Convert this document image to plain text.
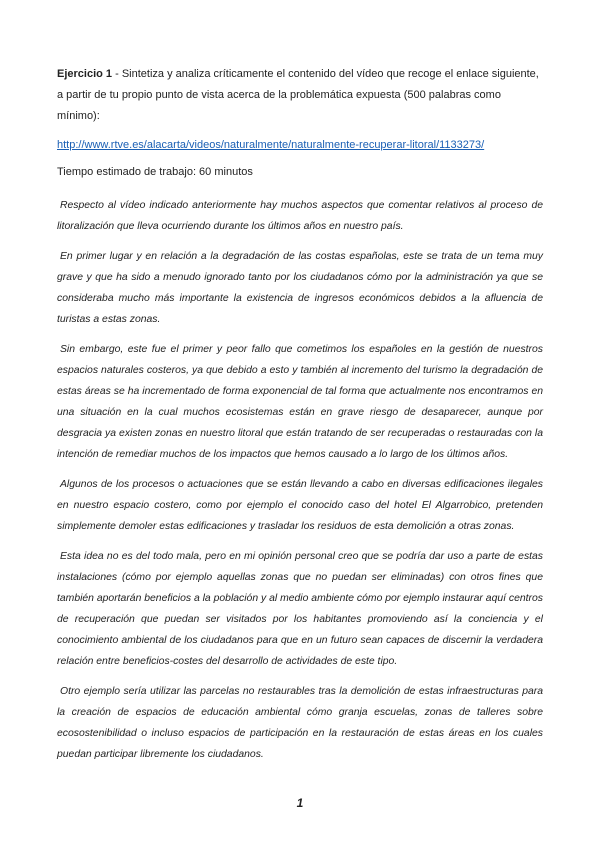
Ejercicio 1 - Sintetiza y analiza críticamente el contenido del vídeo que recoge el enlace siguiente, a partir de tu propio punto de vista acerca de la problemática expuesta (500 palabras como mínimo):

http://www.rtve.es/alacarta/videos/naturalmente/naturalmente-recuperar-litoral/1133273/
Tiempo estimado de trabajo: 60 minutos

Respecto al vídeo indicado anteriormente hay muchos aspectos que comentar relativos al proceso de litoralización que lleva ocurriendo durante los últimos años en nuestro país.

En primer lugar y en relación a la degradación de las costas españolas, este se trata de un tema muy grave y que ha sido a menudo ignorado tanto por los ciudadanos cómo por la administración ya que se consideraba mucho más importante la existencia de ingresos económicos debidos a la afluencia de turistas a estas zonas.

Sin embargo, este fue el primer y peor fallo que cometimos los españoles en la gestión de nuestros espacios naturales costeros, ya que debido a esto y también al incremento del turismo la degradación de estas áreas se ha incrementado de forma exponencial de tal forma que actualmente nos encontramos en una situación en la cual muchos ecosistemas están en grave riesgo de desaparecer, aunque por desgracia ya existen zonas en nuestro litoral que están tratando de ser recuperadas o restauradas con la intención de remediar muchos de los impactos que hemos causado a lo largo de los últimos años.

Algunos de los procesos o actuaciones que se están llevando a cabo en diversas edificaciones ilegales en nuestro espacio costero, como por ejemplo el conocido caso del hotel El Algarrobico, pretenden simplemente demoler estas edificaciones y trasladar los residuos de esta demolición a otras zonas.

Esta idea no es del todo mala, pero en mi opinión personal creo que se podría dar uso a parte de estas instalaciones (cómo por ejemplo aquellas zonas que no puedan ser eliminadas) con otros fines que también aportarán beneficios a la población y al medio ambiente cómo por ejemplo instaurar aquí centros de recuperación que puedan ser visitados por los habitantes promoviendo así la conciencia y el conocimiento ambiental de los ciudadanos para que en un futuro sean capaces de discernir la verdadera relación entre beneficios-costes del desarrollo de actividades de este tipo.

Otro ejemplo sería utilizar las parcelas no restaurables tras la demolición de estas infraestructuras para la creación de espacios de educación ambiental cómo granja escuelas, zonas de talleres sobre ecosostenibilidad o incluso espacios de participación en la restauración de estas áreas en los cuales puedan participar libremente los ciudadanos.

1
